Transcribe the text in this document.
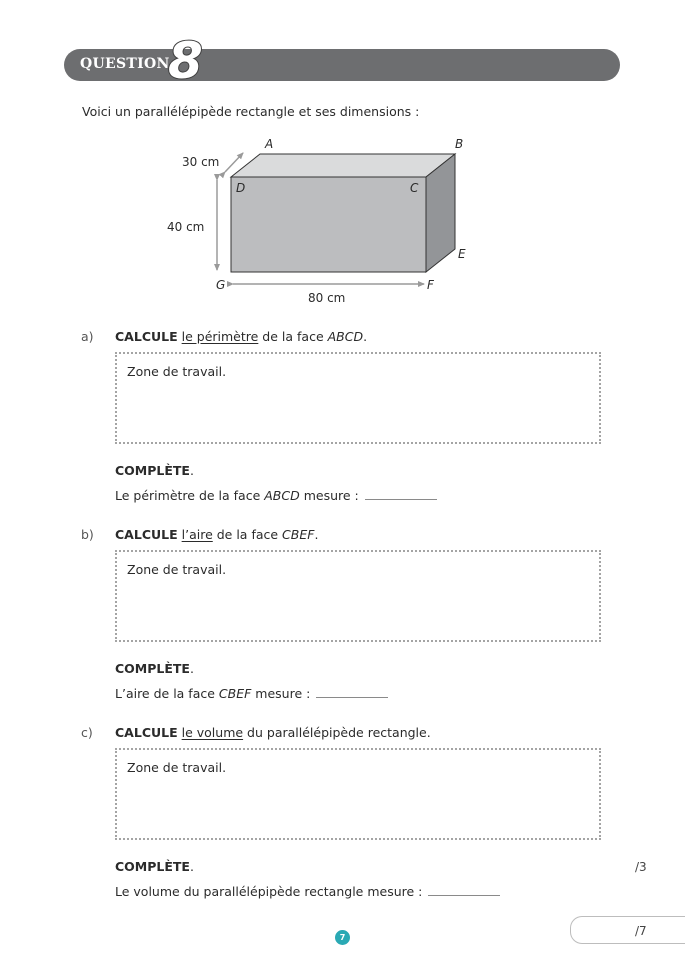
QUESTION
8
Voici un parallélépipède rectangle et ses dimensions :
A	B
C
D
E
F
G
30 cm
40 cm
80 cm
a) CALCULE le périmètre de la face ABCD.
Zone de travail.
COMPLÈTE.
Le périmètre de la face ABCD mesure :
b) CALCULE l’aire de la face CBEF.
Zone de travail.
COMPLÈTE.
L’aire de la face CBEF mesure :
c) CALCULE le volume du parallélépipède rectangle.
Zone de travail.
COMPLÈTE.
Le volume du parallélépipède rectangle mesure :
/3
/7
7
